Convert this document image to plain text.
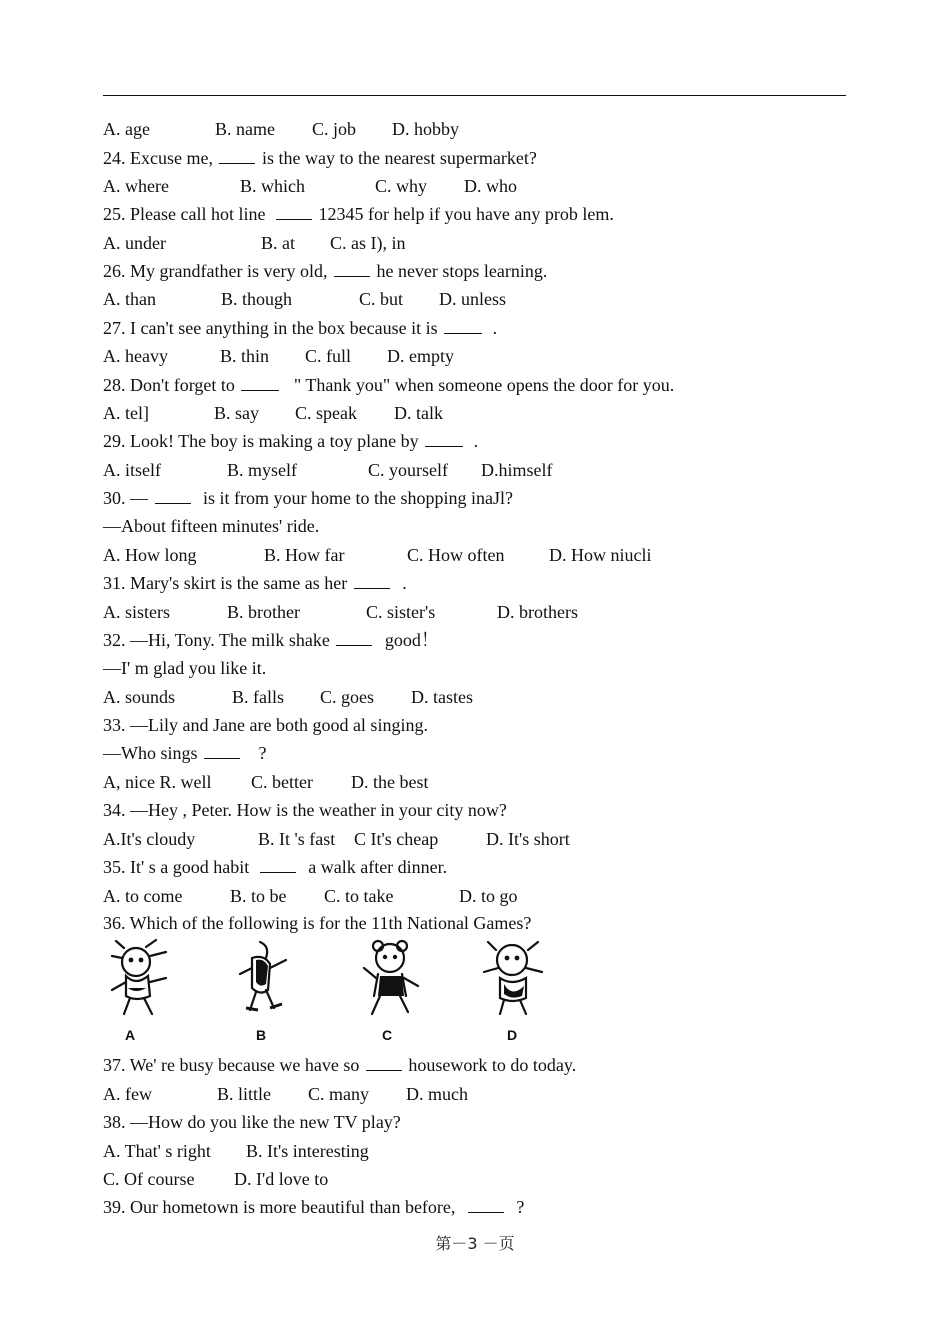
A. age	B. name C. job D. hobby
24. Excuse me,	is the way to the nearest supermarket?
A. where	B. which	C. why D. who
25. Please call hot line	12345 for help if you have any prob lem.
A. under	B. at C. as I), in
26. My grandfather is very old,	he never stops learning.
A. than	B. though	C. but D. unless
27. I can't see anything in the box because it is	.
A. heavy	B. thin C. full D. empty
28. Don't forget to	" Thank you" when someone opens the door for you.
A. tel]	B. say C. speak D. talk
29. Look! The boy is making a toy plane by	.
A. itself	B. myself	C. yourself D.himself
30. —	is it from your home to the shopping inaJl?
—About fifteen minutes' ride.
A. How long	B. How far	C. How often D. How niucli
31. Mary's skirt is the same as her	.
A. sisters	B. brother	C. sister's	D. brothers
32. —Hi, Tony. The milk shake	good！
—I' m glad you like it.
A. sounds	B. falls C. goes D. tastes
33. —Lily and Jane are both good al singing.
—Who sings	?
A, nice R. well C. better D. the best
34. —Hey , Peter. How is the weather in your city now?
A.It's cloudy	B. It 's fast C It's cheap	D. It's short
35. It' s a good habit	a walk after dinner.
A. to come	B. to be C. to take	D. to go
36. Which of the following is for the 11th National Games?
A	B	C	D
37. We' re busy because we have so	housework to do today.
A. few	B. little C. many D. much
38. —How do you like the new TV play?
A. That' s right B. It's interesting
C. Of course D. I'd love to
39. Our hometown is more beautiful than before,	?
第－3 －页
